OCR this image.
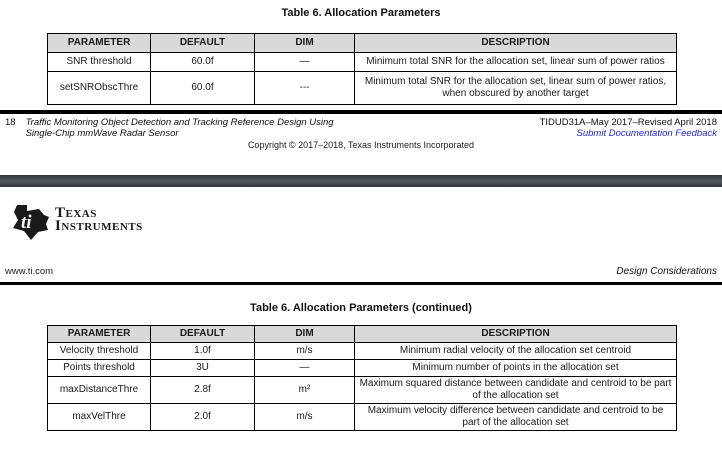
Table 6. Allocation Parameters
PARAMETER	DEFAULT	DIM	DESCRIPTION
SNR threshold	60.0f	—	Minimum total SNR for the allocation set, linear sum of power ratios
setSNRObscThre	60.0f	---	Minimum total SNR for the allocation set, linear sum of power ratios, when obscured by another target
18 Traffic Monitoring Object Detection and Tracking Reference Design Using
Single-Chip mmWave Radar Sensor
TIDUD31A–May 2017–Revised April 2018
Submit Documentation Feedback
Copyright © 2017–2018, Texas Instruments Incorporated
ti Texas
Instruments
www.ti.com	Design Considerations
Table 6. Allocation Parameters (continued)
PARAMETER	DEFAULT	DIM	DESCRIPTION
Velocity threshold	1.0f	m/s	Minimum radial velocity of the allocation set centroid
Points threshold	3U	—	Minimum number of points in the allocation set
maxDistanceThre	2.8f	m²	Maximum squared distance between candidate and centroid to be part of the allocation set
maxVelThre	2.0f	m/s	Maximum velocity difference between candidate and centroid to be part of the allocation set
